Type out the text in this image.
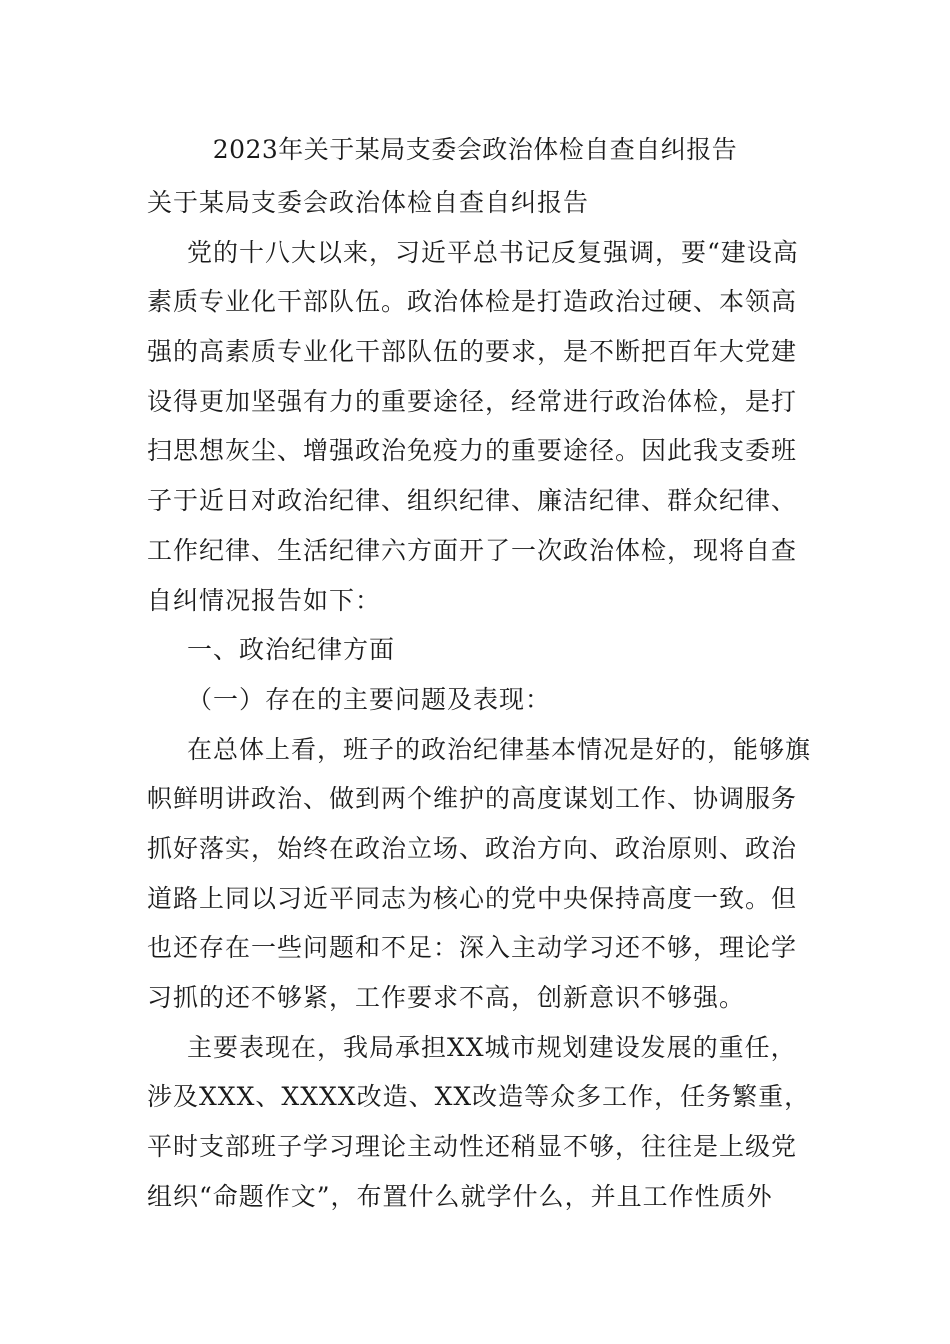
2023年关于某局支委会政治体检自查自纠报告
关于某局支委会政治体检自查自纠报告
党的十八大以来，习近平总书记反复强调，要“建设高
素质专业化干部队伍。政治体检是打造政治过硬、本领高
强的高素质专业化干部队伍的要求，是不断把百年大党建
设得更加坚强有力的重要途径，经常进行政治体检，是打
扫思想灰尘、增强政治免疫力的重要途径。因此我支委班
子于近日对政治纪律、组织纪律、廉洁纪律、群众纪律、
工作纪律、生活纪律六方面开了一次政治体检，现将自查
自纠情况报告如下：
一、政治纪律方面
（一）存在的主要问题及表现：
在总体上看，班子的政治纪律基本情况是好的，能够旗
帜鲜明讲政治、做到两个维护的高度谋划工作、协调服务
抓好落实，始终在政治立场、政治方向、政治原则、政治
道路上同以习近平同志为核心的党中央保持高度一致。但
也还存在一些问题和不足：深入主动学习还不够，理论学
习抓的还不够紧，工作要求不高，创新意识不够强。
主要表现在，我局承担XX城市规划建设发展的重任，
涉及XXX、XXXX改造、XX改造等众多工作，任务繁重，
平时支部班子学习理论主动性还稍显不够，往往是上级党
组织“命题作文”，布置什么就学什么，并且工作性质外
